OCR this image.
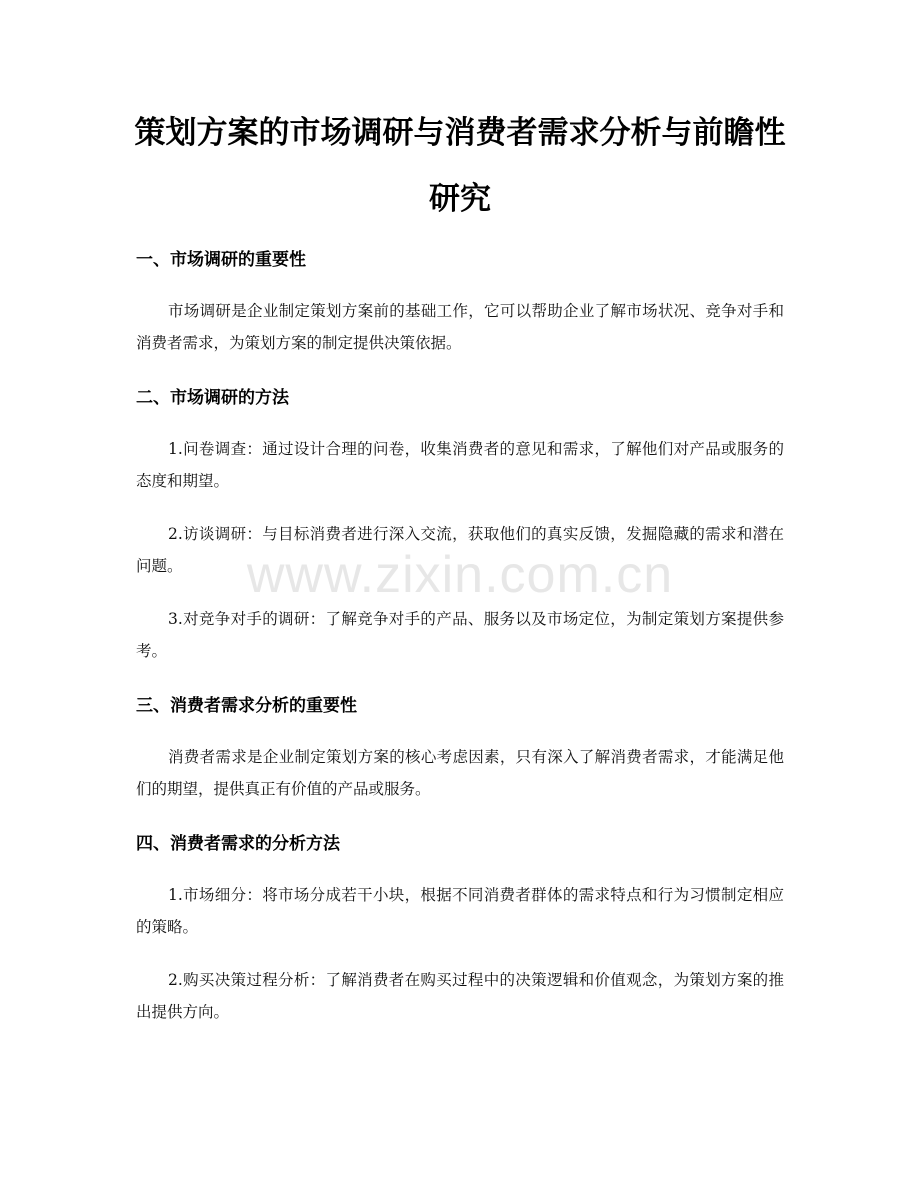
策划方案的市场调研与消费者需求分析与前瞻性研究
一、市场调研的重要性

市场调研是企业制定策划方案前的基础工作，它可以帮助企业了解市场状况、竞争对手和消费者需求，为策划方案的制定提供决策依据。

二、市场调研的方法

1.问卷调查：通过设计合理的问卷，收集消费者的意见和需求，了解他们对产品或服务的态度和期望。

2.访谈调研：与目标消费者进行深入交流，获取他们的真实反馈，发掘隐藏的需求和潜在问题。

3.对竞争对手的调研：了解竞争对手的产品、服务以及市场定位，为制定策划方案提供参考。

三、消费者需求分析的重要性

消费者需求是企业制定策划方案的核心考虑因素，只有深入了解消费者需求，才能满足他们的期望，提供真正有价值的产品或服务。

四、消费者需求的分析方法

1.市场细分：将市场分成若干小块，根据不同消费者群体的需求特点和行为习惯制定相应的策略。

2.购买决策过程分析：了解消费者在购买过程中的决策逻辑和价值观念，为策划方案的推出提供方向。

www.zixin.com.cn
